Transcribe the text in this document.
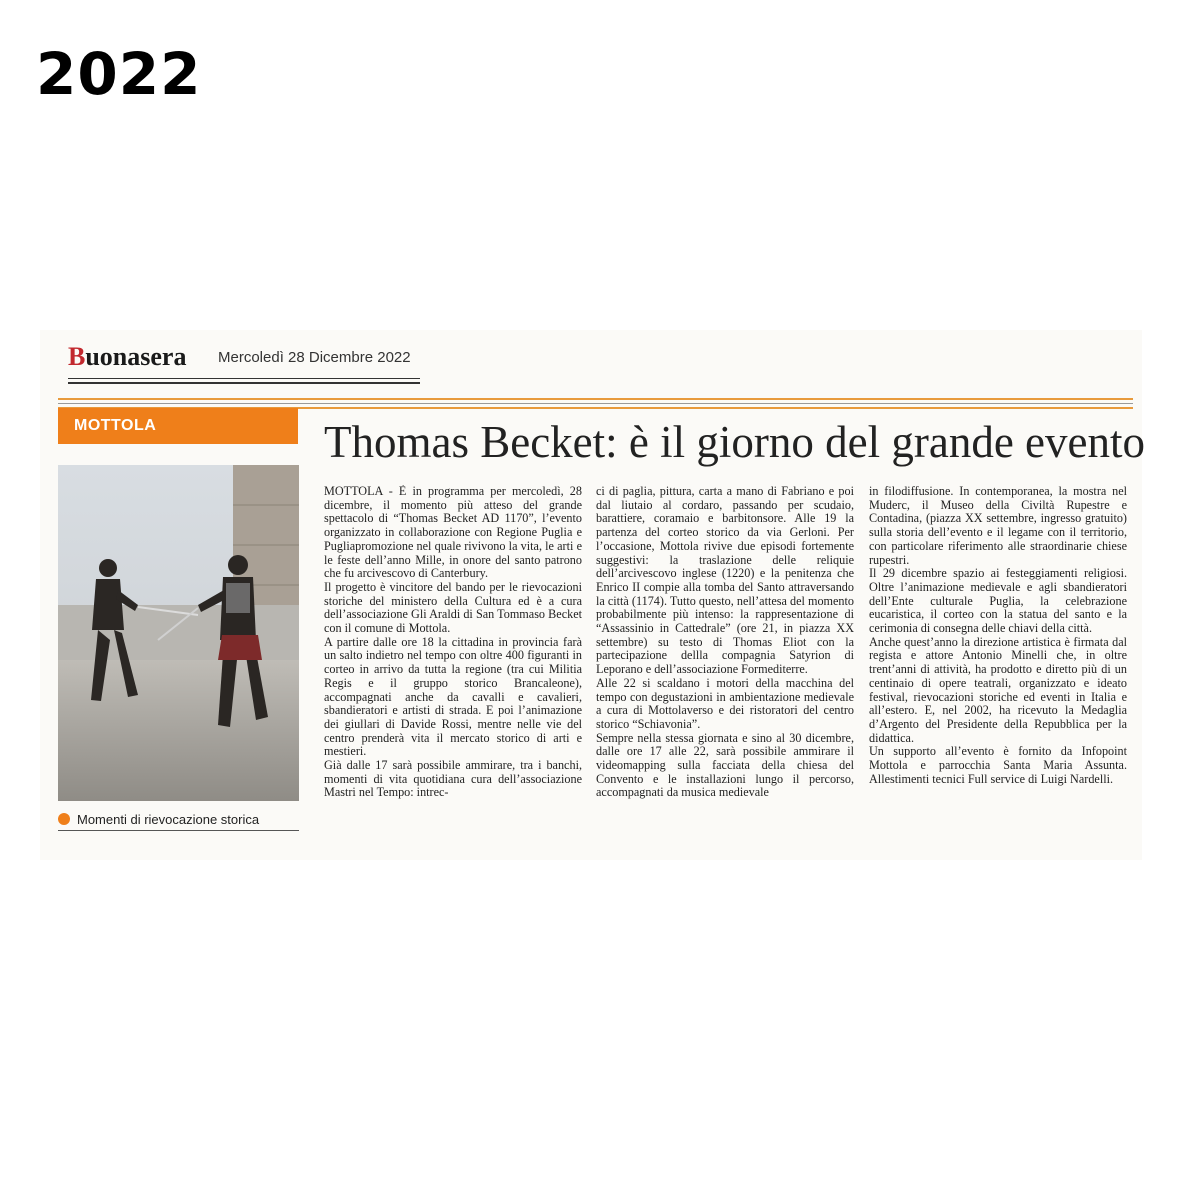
2022
Buonasera Mercoledì 28 Dicembre 2022
MOTTOLA	Thomas Becket: è il giorno del grande evento
Momenti di rievocazione storica

MOTTOLA - È in programma per mercoledì, 28 dicembre, il momento più atteso del grande spettacolo di “Thomas Becket AD 1170”, l’evento organizzato in collaborazione con Regione Puglia e Pugliapromozione nel quale rivivono la vita, le arti e le feste dell’anno Mille, in onore del santo patrono che fu arcivescovo di Canterbury.

Il progetto è vincitore del bando per le rievocazioni storiche del ministero della Cultura ed è a cura dell’associazione Gli Araldi di San Tommaso Becket con il comune di Mottola.

A partire dalle ore 18 la cittadina in provincia farà un salto indietro nel tempo con oltre 400 figuranti in corteo in arrivo da tutta la regione (tra cui Militia Regis e il gruppo storico Brancaleone), accompagnati anche da cavalli e cavalieri, sbandieratori e artisti di strada. E poi l’animazione dei giullari di Davide Rossi, mentre nelle vie del centro prenderà vita il mercato storico di arti e mestieri.

Già dalle 17 sarà possibile ammirare, tra i banchi, momenti di vita quotidiana cura dell’associazione Mastri nel Tempo: intrec-

ci di paglia, pittura, carta a mano di Fabriano e poi dal liutaio al cordaro, passando per scudaio, barattiere, coramaio e barbitonsore. Alle 19 la partenza del corteo storico da via Gerloni. Per l’occasione, Mottola rivive due episodi fortemente suggestivi: la traslazione delle reliquie dell’arcivescovo inglese (1220) e la penitenza che Enrico II compie alla tomba del Santo attraversando la città (1174). Tutto questo, nell’attesa del momento probabilmente più intenso: la rappresentazione di “Assassinio in Cattedrale” (ore 21, in piazza XX settembre) su testo di Thomas Eliot con la partecipazione dellla compagnia Satyrion di Leporano e dell’associazione Formediterre.

Alle 22 si scaldano i motori della macchina del tempo con degustazioni in ambientazione medievale a cura di Mottolaverso e dei ristoratori del centro storico “Schiavonia”.

Sempre nella stessa giornata e sino al 30 dicembre, dalle ore 17 alle 22, sarà possibile ammirare il videomapping sulla facciata della chiesa del Convento e le installazioni lungo il percorso, accompagnati da musica medievale

in filodiffusione. In contemporanea, la mostra nel Muderc, il Museo della Civiltà Rupestre e Contadina, (piazza XX settembre, ingresso gratuito) sulla storia dell’evento e il legame con il territorio, con particolare riferimento alle straordinarie chiese rupestri.

Il 29 dicembre spazio ai festeggiamenti religiosi. Oltre l’animazione medievale e agli sbandieratori dell’Ente culturale Puglia, la celebrazione eucaristica, il corteo con la statua del santo e la cerimonia di consegna delle chiavi della città.

Anche quest’anno la direzione artistica è firmata dal regista e attore Antonio Minelli che, in oltre trent’anni di attività, ha prodotto e diretto più di un centinaio di opere teatrali, organizzato e ideato festival, rievocazioni storiche ed eventi in Italia e all’estero. E, nel 2002, ha ricevuto la Medaglia d’Argento del Presidente della Repubblica per la didattica.

Un supporto all’evento è fornito da Infopoint Mottola e parrocchia Santa Maria Assunta. Allestimenti tecnici Full service di Luigi Nardelli.
